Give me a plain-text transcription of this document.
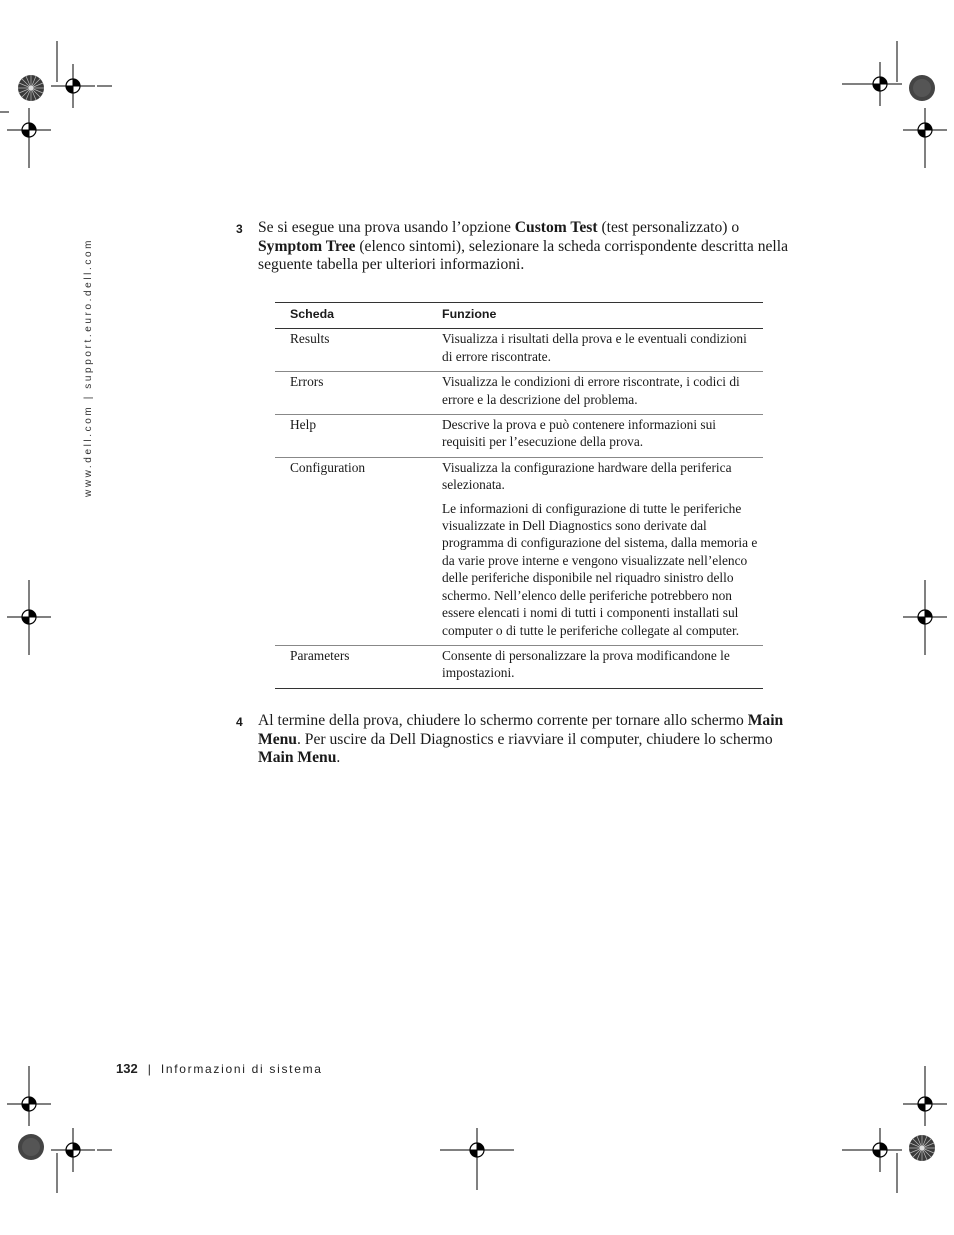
www.dell.com | support.euro.dell.com
3 Se si esegue una prova usando l’opzione Custom Test (test personalizzato) o Symptom Tree (elenco sintomi), selezionare la scheda corrispondente descritta nella seguente tabella per ulteriori informazioni.
Scheda	Funzione
Results	Visualizza i risultati della prova e le eventuali condizioni di errore riscontrate.

Errors	Visualizza le condizioni di errore riscontrate, i codici di errore e la descrizione del problema.

Help	Descrive la prova e può contenere informazioni sui requisiti per l’esecuzione della prova.

Configuration	Visualizza la configurazione hardware della periferica selezionata.

Le informazioni di configurazione di tutte le periferiche visualizzate in Dell Diagnostics sono derivate dal programma di configurazione del sistema, dalla memoria e da varie prove interne e vengono visualizzate nell’elenco delle periferiche disponibile nel riquadro sinistro dello schermo. Nell’elenco delle periferiche potrebbero non essere elencati i nomi di tutti i componenti installati sul computer o di tutte le periferiche collegate al computer.

Parameters	Consente di personalizzare la prova modificandone le impostazioni.

4 Al termine della prova, chiudere lo schermo corrente per tornare allo schermo Main Menu. Per uscire da Dell Diagnostics e riavviare il computer, chiudere lo schermo Main Menu.
132 | Informazioni di sistema
